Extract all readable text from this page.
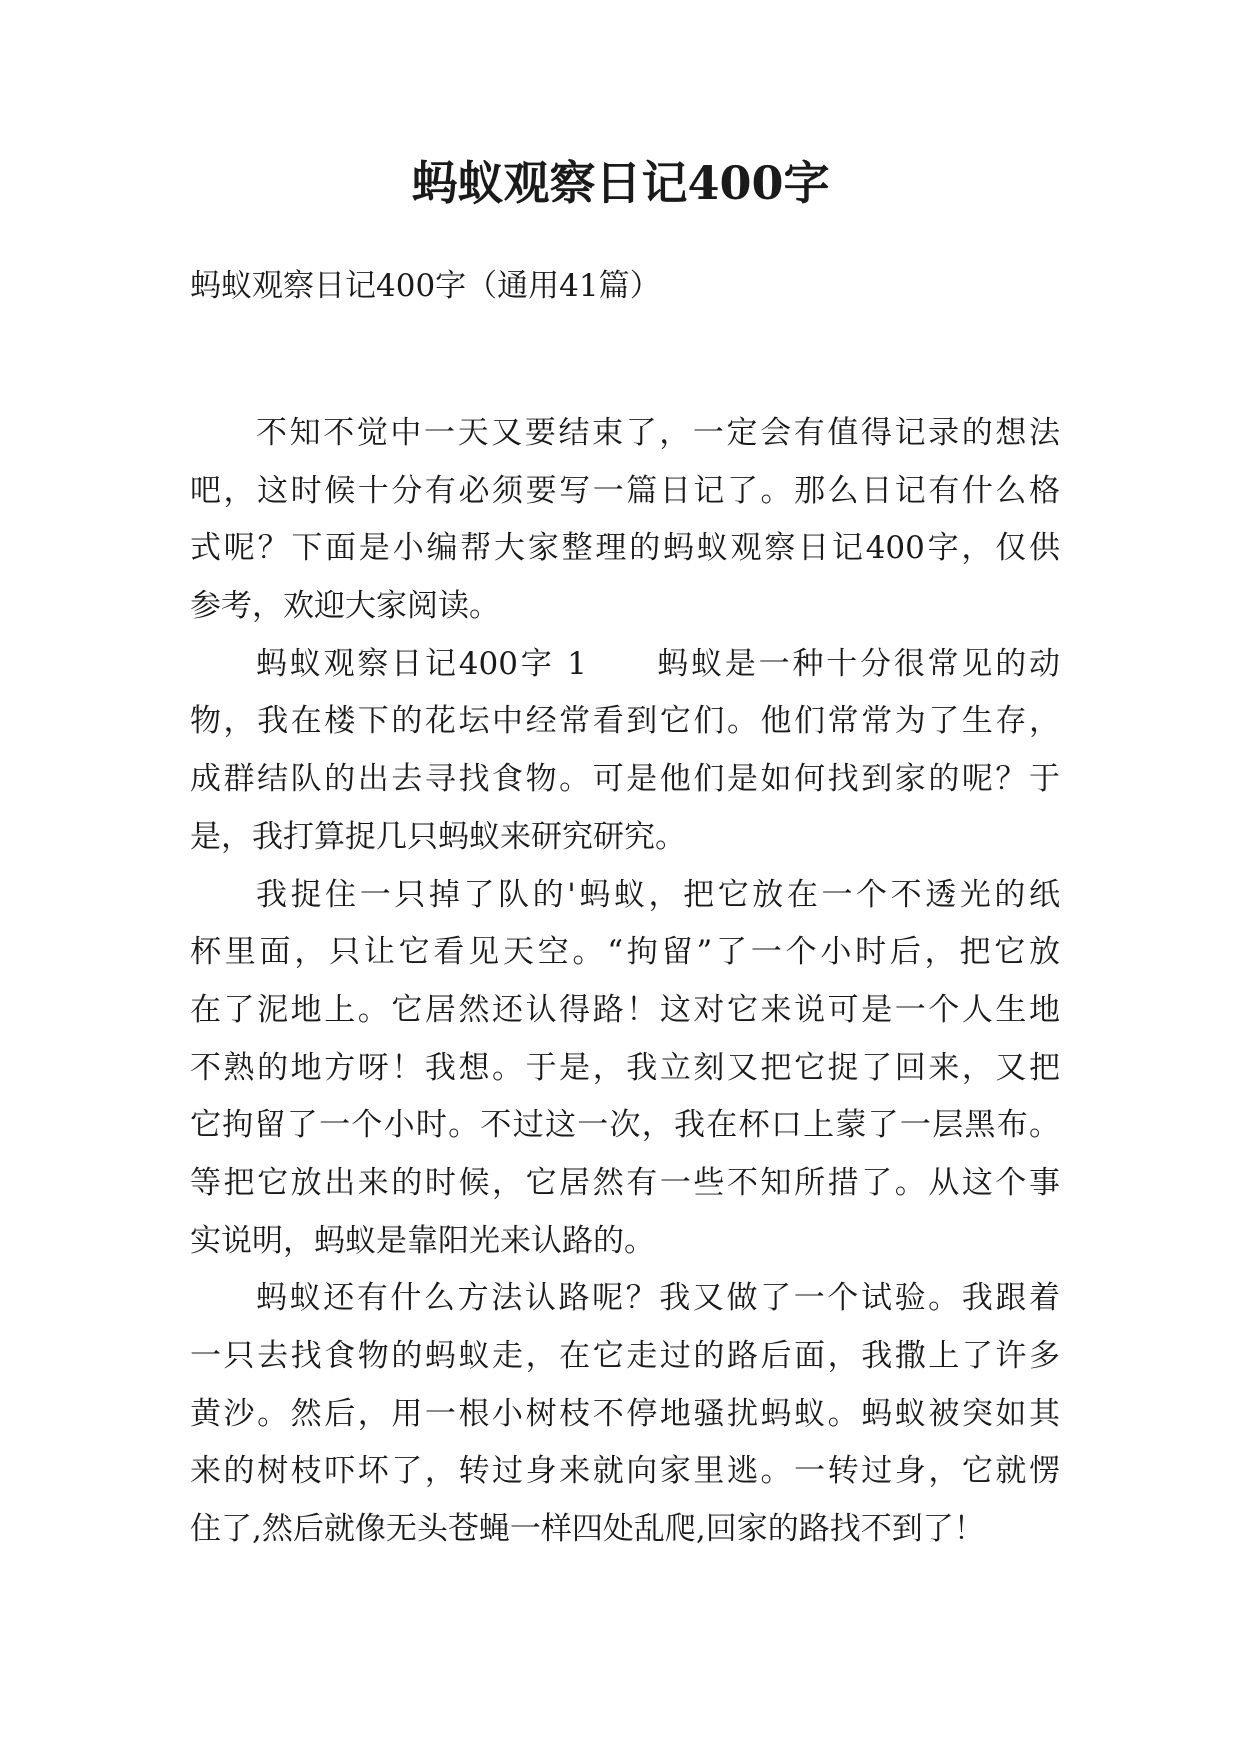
蚂蚁观察日记400字

蚂蚁观察日记400字（通用41篇）

不知不觉中一天又要结束了，一定会有值得记录的想法
吧，这时候十分有必须要写一篇日记了。那么日记有什么格
式呢？下面是小编帮大家整理的蚂蚁观察日记400字，仅供
参考，欢迎大家阅读。
蚂蚁观察日记400字 1　　蚂蚁是一种十分很常见的动
物，我在楼下的花坛中经常看到它们。他们常常为了生存，
成群结队的出去寻找食物。可是他们是如何找到家的呢？于
是，我打算捉几只蚂蚁来研究研究。
我捉住一只掉了队的'蚂蚁，把它放在一个不透光的纸
杯里面，只让它看见天空。“拘留”了一个小时后，把它放
在了泥地上。它居然还认得路！这对它来说可是一个人生地
不熟的地方呀！我想。于是，我立刻又把它捉了回来，又把
它拘留了一个小时。不过这一次，我在杯口上蒙了一层黑布。
等把它放出来的时候，它居然有一些不知所措了。从这个事
实说明，蚂蚁是靠阳光来认路的。
蚂蚁还有什么方法认路呢？我又做了一个试验。我跟着
一只去找食物的蚂蚁走，在它走过的路后面，我撒上了许多
黄沙。然后，用一根小树枝不停地骚扰蚂蚁。蚂蚁被突如其
来的树枝吓坏了，转过身来就向家里逃。一转过身，它就愣
住了,然后就像无头苍蝇一样四处乱爬,回家的路找不到了！
